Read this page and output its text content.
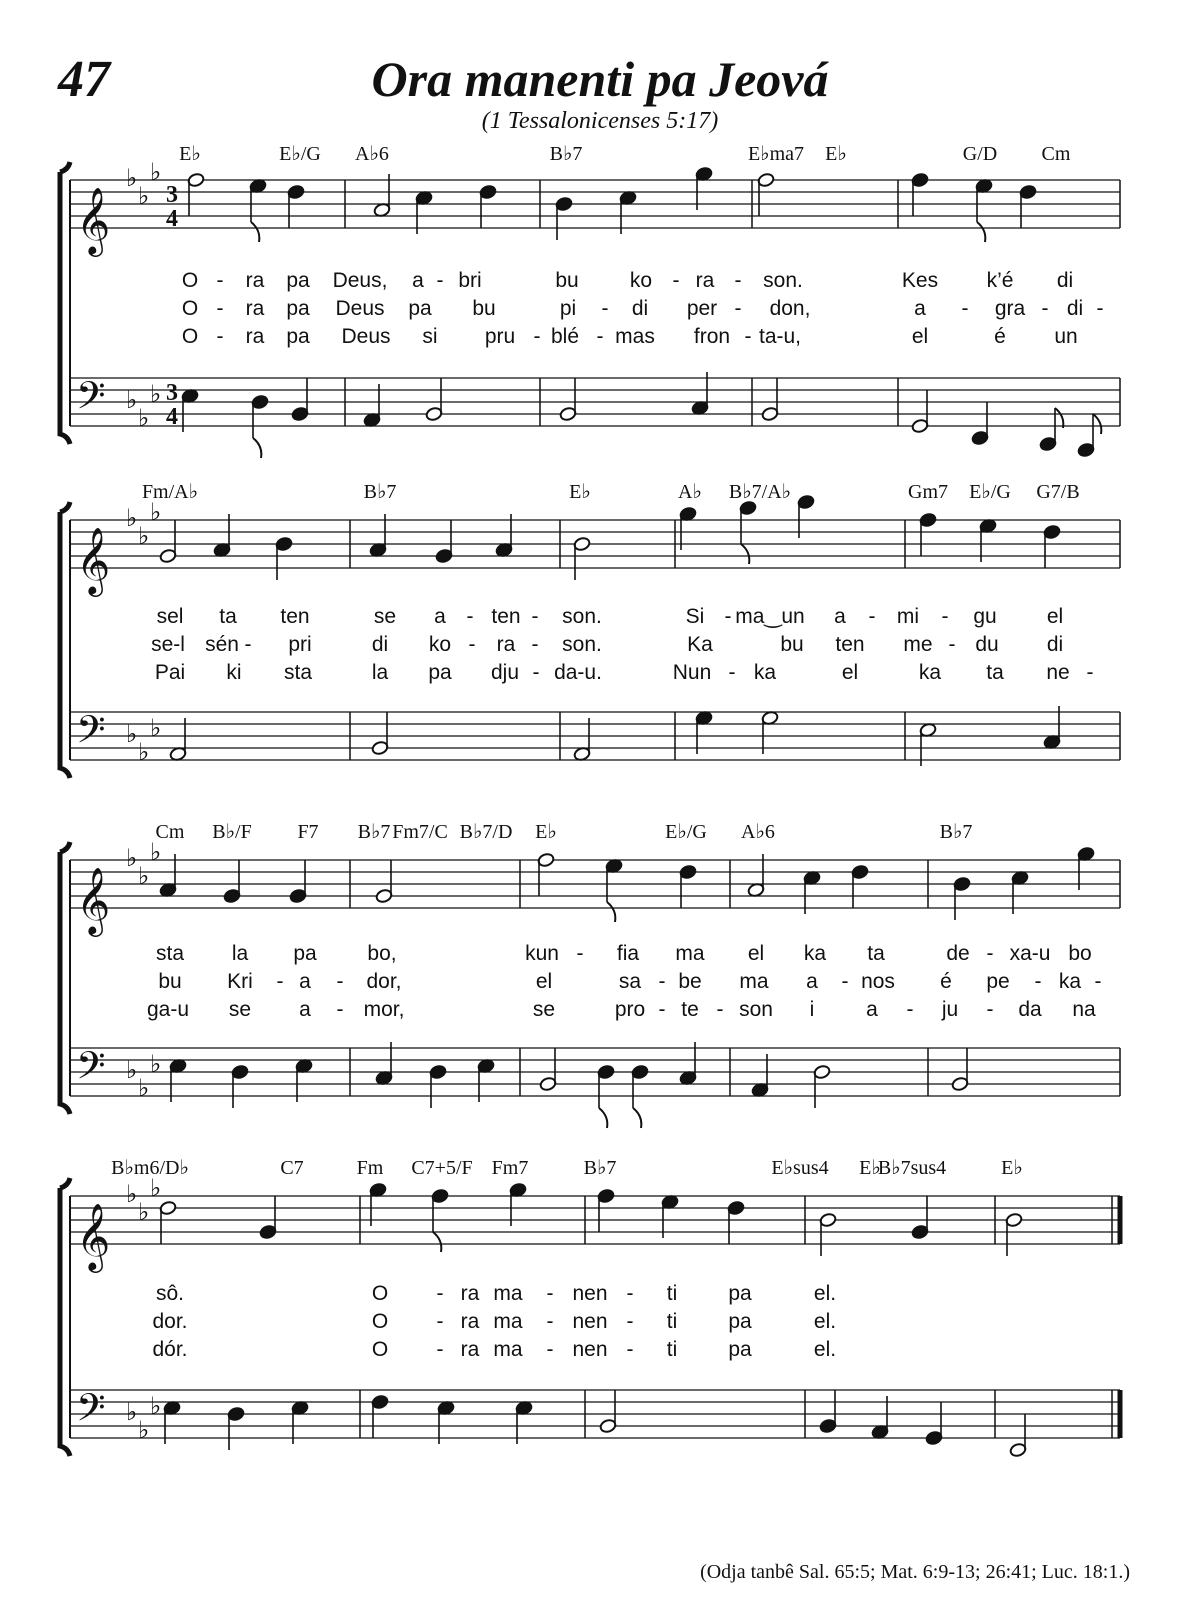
47	Ora manenti pa Jeová
(1 Tessalonicenses 5:17)
𝄞
𝄢
♭
♭
♭
♭
♭
♭
3
4
3
4
E♭	E♭/G A♭6	B♭7	E♭ma7 E♭	G/D Cm
O - ra pa Deus, a - bri	bu ko - ra - son.	Kes k’é di
O - ra pa Deus pa bu	pi - di per - don,	a - gra - di -
O - ra pa Deus si pru - blé - mas fron - ta-u,	el	é un
𝄞
𝄢
♭
♭
♭
♭
♭
♭
Fm/A♭	B♭7	E♭	A♭ B♭7/A♭	Gm7 E♭/G G7/B
sel ta ten	se a - ten - son.	Si - ma‿un a - mi - gu el
se-l sén - pri	di ko - ra - son.	Ka	bu ten me - du di
Pai ki sta	la pa dju - da-u.	Nun - ka	el	ka ta ne -
𝄞
𝄢
♭
♭
♭
♭
♭
♭
Cm B♭/F F7 B♭7 Fm7/C B♭7/D E♭	E♭/G A♭6	B♭7
sta la pa bo,	kun - fia ma el ka ta	de - xa-u bo
bu Kri - a - dor,	el	sa - be ma a - nos é pe - ka -
ga-u se a - mor,	se	pro - te - son i a - ju - da na
𝄞
𝄢
♭
♭
♭
♭
♭
♭
B♭m6/D♭	C7	Fm C7+5/F Fm7	B♭7	E♭sus4 E♭
B♭7sus4	E♭
sô.	O - ra ma - nen - ti pa	el.
dor.	O - ra ma - nen - ti pa	el.
dór.	O - ra ma - nen - ti pa	el.
(Odja tanbê Sal. 65:5; Mat. 6:9-13; 26:41; Luc. 18:1.)
